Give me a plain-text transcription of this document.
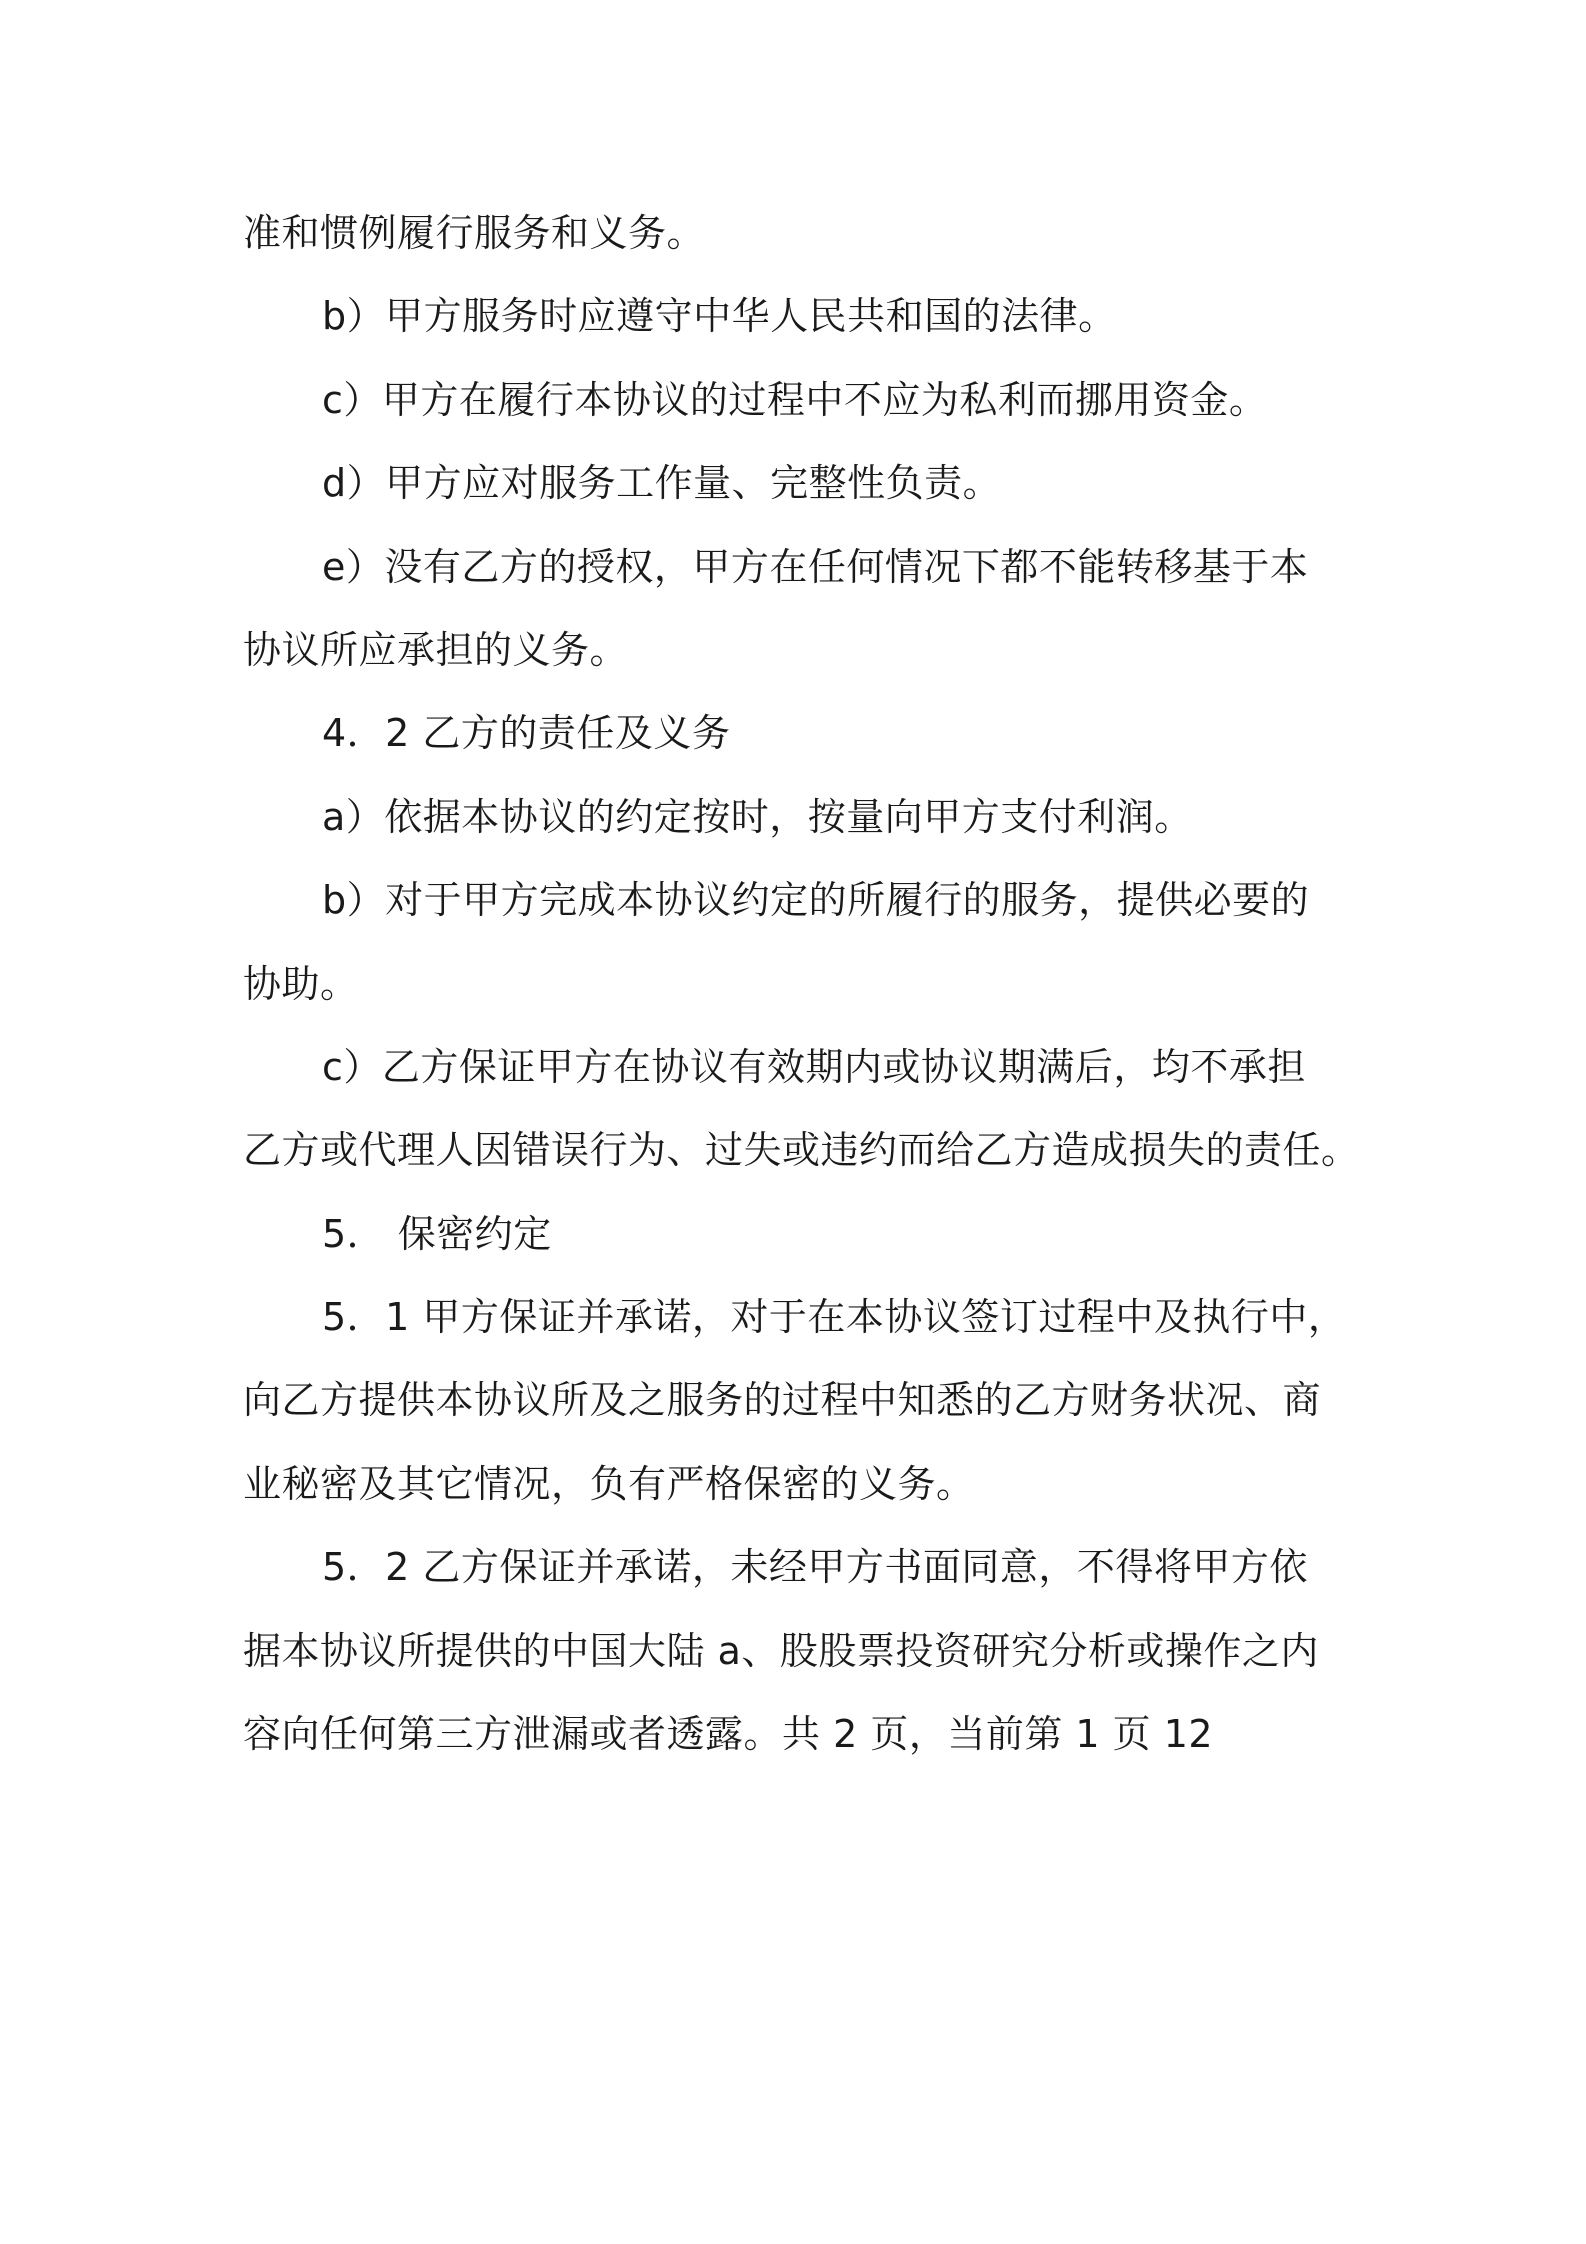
准和惯例履行服务和义务。
b）甲方服务时应遵守中华人民共和国的法律。
c）甲方在履行本协议的过程中不应为私利而挪用资金。
d）甲方应对服务工作量、完整性负责。
e）没有乙方的授权，甲方在任何情况下都不能转移基于本
协议所应承担的义务。
4．2 乙方的责任及义务
a）依据本协议的约定按时，按量向甲方支付利润。
b）对于甲方完成本协议约定的所履行的服务，提供必要的
协助。
c）乙方保证甲方在协议有效期内或协议期满后，均不承担
乙方或代理人因错误行为、过失或违约而给乙方造成损失的责任。
5． 保密约定
5．1 甲方保证并承诺，对于在本协议签订过程中及执行中，
向乙方提供本协议所及之服务的过程中知悉的乙方财务状况、商
业秘密及其它情况，负有严格保密的义务。
5．2 乙方保证并承诺，未经甲方书面同意，不得将甲方依
据本协议所提供的中国大陆 a、股股票投资研究分析或操作之内
容向任何第三方泄漏或者透露。共 2 页，当前第 1 页 12
